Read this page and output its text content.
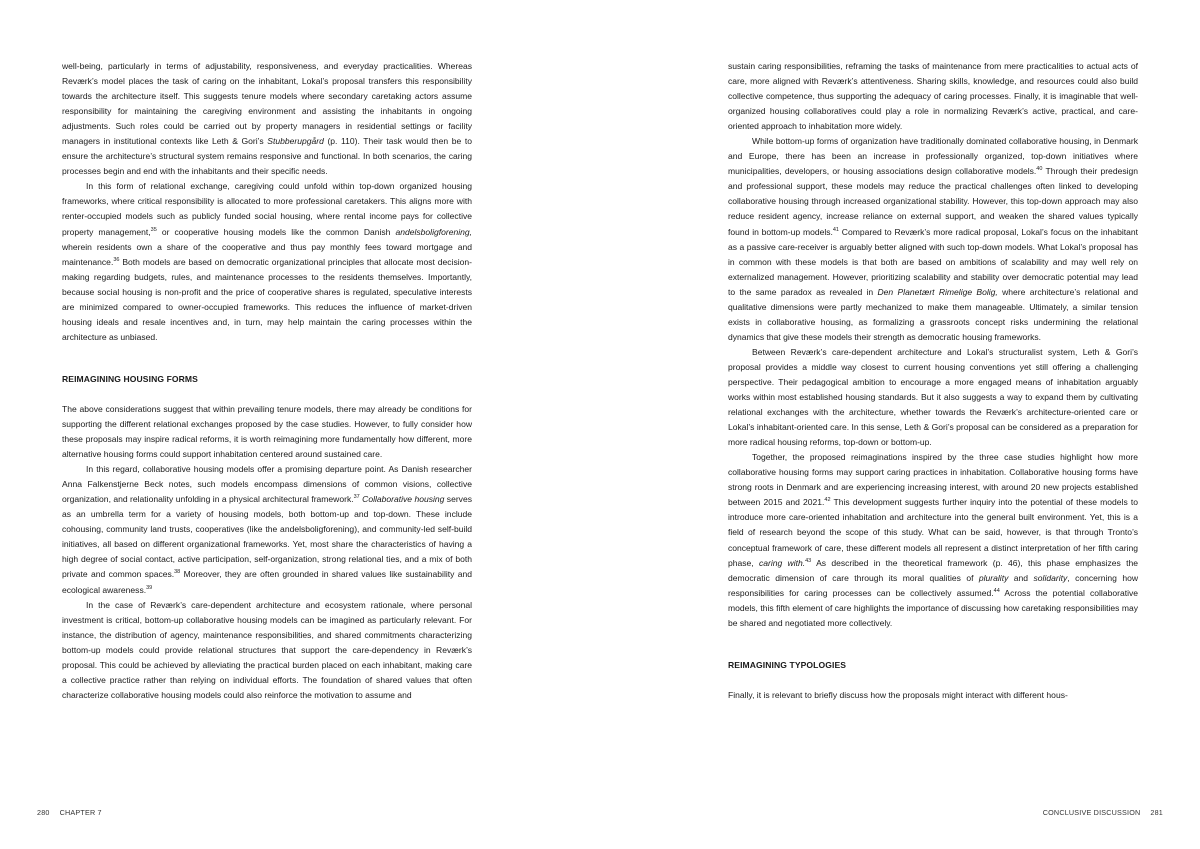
well-being, particularly in terms of adjustability, responsiveness, and everyday practicalities. Whereas Reværk’s model places the task of caring on the inhabitant, Lokal’s proposal transfers this responsibility towards the architecture itself. This suggests tenure models where secondary caretaking actors assume responsibility for maintaining the caregiving environment and assisting the inhabitants in ongoing adjustments. Such roles could be carried out by property managers in residential settings or facility managers in institutional contexts like Leth & Gori’s Stubberupgård (p. 110). Their task would then be to ensure the architecture’s structural system remains responsive and functional. In both scenarios, the caring processes begin and end with the inhabitants and their specific needs.

In this form of relational exchange, caregiving could unfold within top-down organized housing frameworks, where critical responsibility is allocated to more professional caretakers. This aligns more with renter-occupied models such as publicly funded social housing, where rental income pays for collective property management,$^{35}$ or cooperative housing models like the common Danish andelsboligforening, wherein residents own a share of the cooperative and thus pay monthly fees toward mortgage and maintenance.$^{36}$ Both models are based on democratic organizational principles that allocate most decision-making regarding budgets, rules, and maintenance processes to the residents themselves. Importantly, because social housing is non-profit and the price of cooperative shares is regulated, speculative interests are minimized compared to owner-occupied frameworks. This reduces the influence of market-driven housing ideals and resale incentives and, in turn, may help maintain the caring processes within the architecture as unbiased.

REIMAGINING HOUSING FORMS

The above considerations suggest that within prevailing tenure models, there may already be conditions for supporting the different relational exchanges proposed by the case studies. However, to fully consider how these proposals may inspire radical reforms, it is worth reimagining more fundamentally how different, more alternative housing forms could support inhabitation centered around sustained care.

In this regard, collaborative housing models offer a promising departure point. As Danish researcher Anna Falkenstjerne Beck notes, such models encompass dimensions of common visions, collective organization, and relationality unfolding in a physical architectural framework.$^{37}$ Collaborative housing serves as an umbrella term for a variety of housing models, both bottom-up and top-down. These include cohousing, community land trusts, cooperatives (like the andelsboligforening), and community-led self-build initiatives, all based on different organizational frameworks. Yet, most share the characteristics of having a high degree of social contact, active participation, self-organization, strong relational ties, and a mix of both private and common spaces.$^{38}$ Moreover, they are often grounded in shared values like sustainability and ecological awareness.$^{39}$

In the case of Reværk’s care-dependent architecture and ecosystem rationale, where personal investment is critical, bottom-up collaborative housing models can be imagined as particularly relevant. For instance, the distribution of agency, maintenance responsibilities, and shared commitments characterizing bottom-up models could provide relational structures that support the care-dependency in Reværk’s proposal. This could be achieved by alleviating the practical burden placed on each inhabitant, making care a collective practice rather than relying on individual efforts. The foundation of shared values that often characterize collaborative housing models could also reinforce the motivation to assume and

sustain caring responsibilities, reframing the tasks of maintenance from mere practicalities to actual acts of care, more aligned with Reværk’s attentiveness. Sharing skills, knowledge, and resources could also build collective competence, thus supporting the adequacy of caring processes. Finally, it is imaginable that well-organized housing collaboratives could play a role in normalizing Reværk’s active, practical, and care-oriented approach to inhabitation more widely.

While bottom-up forms of organization have traditionally dominated collaborative housing, in Denmark and Europe, there has been an increase in professionally organized, top-down initiatives where municipalities, developers, or housing associations design collaborative models.$^{40}$ Through their predesign and professional support, these models may reduce the practical challenges often linked to developing collaborative housing through increased organizational stability. However, this top-down approach may also reduce resident agency, increase reliance on external support, and weaken the shared values typically found in bottom-up models.$^{41}$ Compared to Reværk’s more radical proposal, Lokal’s focus on the inhabitant as a passive care-receiver is arguably better aligned with such top-down models. What Lokal’s proposal has in common with these models is that both are based on ambitions of scalability and may well rely on externalized management. However, prioritizing scalability and stability over democratic potential may lead to the same paradox as revealed in Den Planetært Rimelige Bolig, where architecture’s relational and qualitative dimensions were partly mechanized to make them manageable. Ultimately, a similar tension exists in collaborative housing, as formalizing a grassroots concept risks undermining the relational dynamics that give these models their strength as democratic housing frameworks.

Between Reværk’s care-dependent architecture and Lokal’s structuralist system, Leth & Gori’s proposal provides a middle way closest to current housing conventions yet still offering a challenging perspective. Their pedagogical ambition to encourage a more engaged means of inhabitation arguably works within most established housing standards. But it also suggests a way to expand them by cultivating relational exchanges with the architecture, whether towards the Reværk’s architecture-oriented care or Lokal’s inhabitant-oriented care. In this sense, Leth & Gori’s proposal can be considered as a preparation for more radical housing reforms, top-down or bottom-up.

Together, the proposed reimaginations inspired by the three case studies highlight how more collaborative housing forms may support caring practices in inhabitation. Collaborative housing forms have strong roots in Denmark and are experiencing increasing interest, with around 20 new projects established between 2015 and 2021.42 This development suggests further inquiry into the potential of these models to introduce more care-oriented inhabitation and architecture into the general built environment. Yet, this is a field of research beyond the scope of this study. What can be said, however, is that through Tronto’s conceptual framework of care, these different models all represent a distinct interpretation of her fifth caring phase, caring with.$^{43}$ As described in the theoretical framework (p. 46), this phase emphasizes the democratic dimension of care through its moral qualities of plurality and solidarity, concerning how responsibilities for caring processes can be collectively assumed.$^{44}$ Across the potential collaborative models, this fifth element of care highlights the importance of discussing how caretaking responsibilities may be shared and negotiated more collectively.

REIMAGINING TYPOLOGIES

Finally, it is relevant to briefly discuss how the proposals might interact with different hous-

280 CHAPTER 7	CONCLUSIVE DISCUSSION 281
